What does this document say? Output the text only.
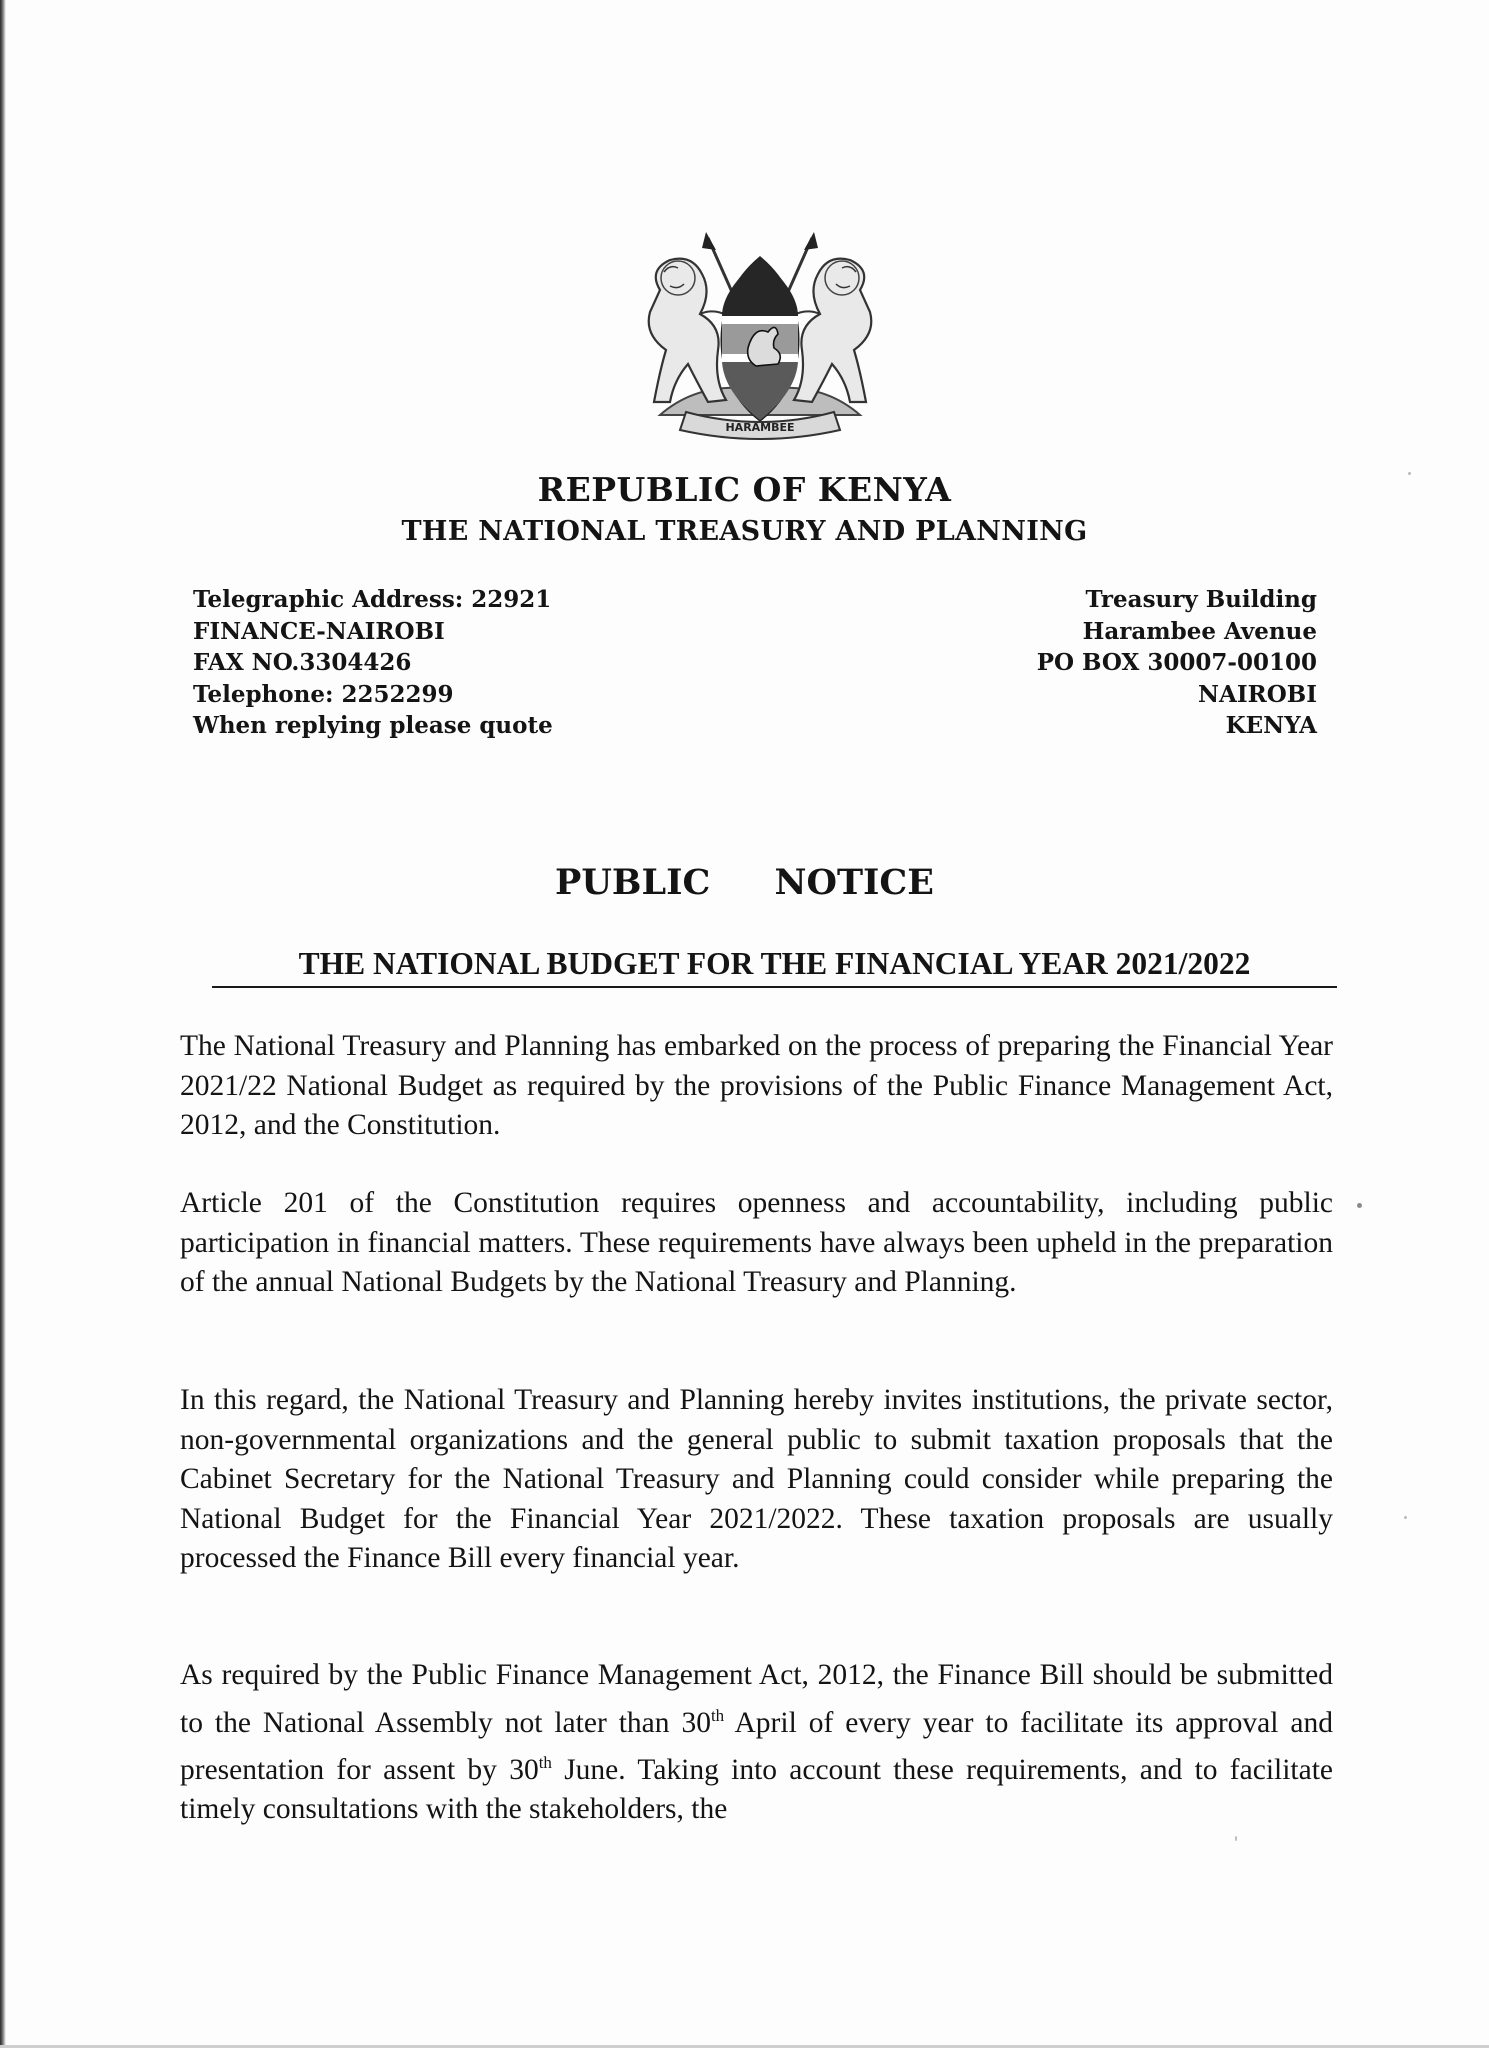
HARAMBEE
REPUBLIC OF KENYA
THE NATIONAL TREASURY AND PLANNING
Telegraphic Address: 22921
FINANCE-NAIROBI
FAX NO.3304426
Telephone: 2252299
When replying please quote
Treasury Building
Harambee Avenue
PO BOX 30007-00100
NAIROBI
KENYA
PUBLIC NOTICE
THE NATIONAL BUDGET FOR THE FINANCIAL YEAR 2021/2022

The National Treasury and Planning has embarked on the process of preparing the Financial Year 2021/22 National Budget as required by the provisions of the Public Finance Management Act, 2012, and the Constitution.

Article 201 of the Constitution requires openness and accountability, including public participation in financial matters. These requirements have always been upheld in the preparation of the annual National Budgets by the National Treasury and Planning.

In this regard, the National Treasury and Planning hereby invites institutions, the private sector, non-governmental organizations and the general public to submit taxation proposals that the Cabinet Secretary for the National Treasury and Planning could consider while preparing the National Budget for the Financial Year 2021/2022. These taxation proposals are usually processed the Finance Bill every financial year.

As required by the Public Finance Management Act, 2012, the Finance Bill should be submitted to the National Assembly not later than 30th April of every year to facilitate its approval and presentation for assent by 30th June. Taking into account these requirements, and to facilitate timely consultations with the stakeholders, the
